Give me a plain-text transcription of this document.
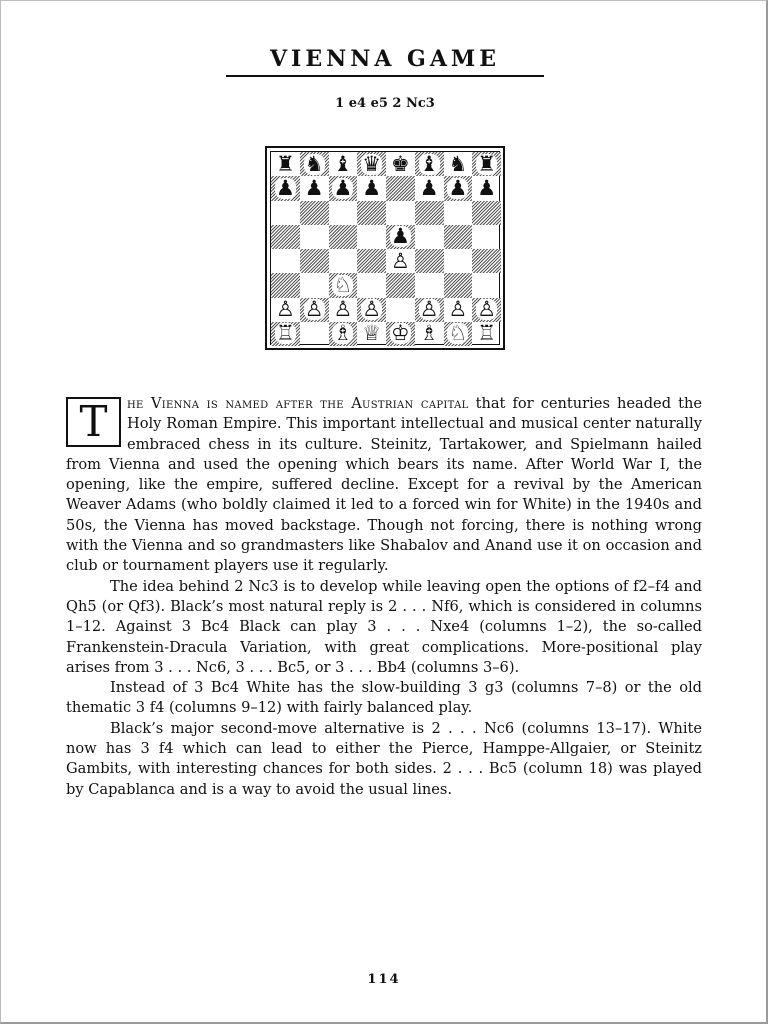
VIENNA GAME
1 e4 e5 2 Nc3
♜ ♞ ♝ ♛ ♚ ♝ ♞ ♜
♟ ♟ ♟ ♟ ♟ ♟ ♟
♟
♙
♘
♙ ♙ ♙ ♙ ♙ ♙ ♙
♖ ♗ ♕ ♔ ♗ ♘ ♖

T	he Vienna is named after the Austrian capital that for centuries headed the Holy Roman Empire. This important intellectual and musical center naturally embraced chess in its culture. Steinitz, Tartakower, and Spielmann hailed from Vienna and used the opening which bears its name. After World War I, the opening, like the empire, suffered decline. Except for a revival by the American Weaver Adams (who boldly claimed it led to a forced win for White) in the 1940s and 50s, the Vienna has moved backstage. Though not forcing, there is nothing wrong with the Vienna and so grandmasters like Shabalov and Anand use it on occasion and club or tournament players use it regularly.

The idea behind 2 Nc3 is to develop while leaving open the options of f2–f4 and Qh5 (or Qf3). Black’s most natural reply is 2 . . . Nf6, which is considered in columns 1–12. Against 3 Bc4 Black can play 3 . . . Nxe4 (columns 1–2), the so-called Frankenstein-Dracula Variation, with great complications. More-positional play arises from 3 . . . Nc6, 3 . . . Bc5, or 3 . . . Bb4 (columns 3–6).

Instead of 3 Bc4 White has the slow-building 3 g3 (columns 7–8) or the old thematic 3 f4 (columns 9–12) with fairly balanced play.

Black’s major second-move alternative is 2 . . . Nc6 (columns 13–17). White now has 3 f4 which can lead to either the Pierce, Hamppe-Allgaier, or Steinitz Gambits, with interesting chances for both sides. 2 . . . Bc5 (column 18) was played by Capablanca and is a way to avoid the usual lines.

114
